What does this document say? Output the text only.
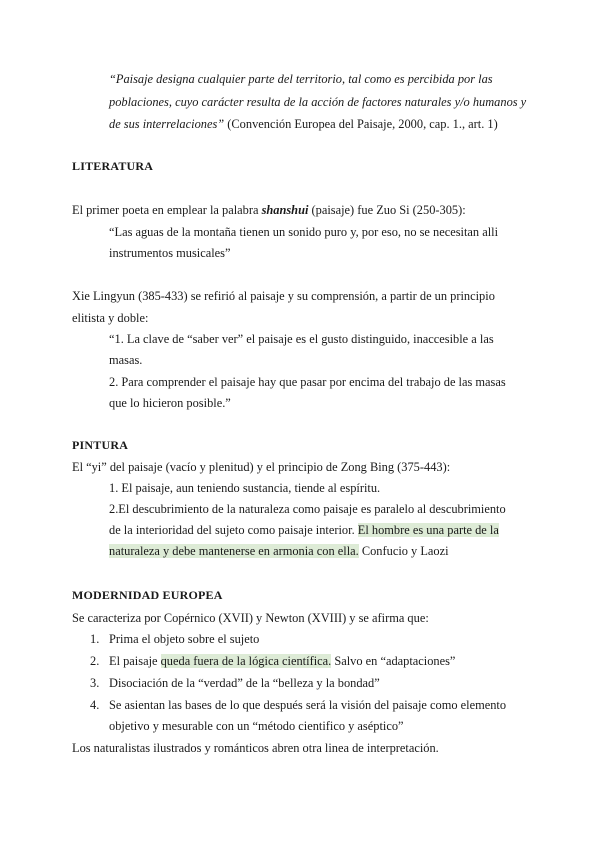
“Paisaje designa cualquier parte del territorio, tal como es percibida por las
poblaciones, cuyo carácter resulta de la acción de factores naturales y/o humanos y
de sus interrelaciones” (Convención Europea del Paisaje, 2000, cap. 1., art. 1)
LITERATURA
El primer poeta en emplear la palabra shanshui (paisaje) fue Zuo Si (250-305):
“Las aguas de la montaña tienen un sonido puro y, por eso, no se necesitan alli
instrumentos musicales”
Xie Lingyun (385-433) se refirió al paisaje y su comprensión, a partir de un principio
elitista y doble:
“1. La clave de “saber ver” el paisaje es el gusto distinguido, inaccesible a las
masas.
2. Para comprender el paisaje hay que pasar por encima del trabajo de las masas
que lo hicieron posible.”
PINTURA
El “yi” del paisaje (vacío y plenitud) y el principio de Zong Bing (375-443):
1. El paisaje, aun teniendo sustancia, tiende al espíritu.
2.El descubrimiento de la naturaleza como paisaje es paralelo al descubrimiento
de la interioridad del sujeto como paisaje interior. El hombre es una parte de la
naturaleza y debe mantenerse en armonia con ella. Confucio y Laozi
MODERNIDAD EUROPEA
Se caracteriza por Copérnico (XVII) y Newton (XVIII) y se afirma que:
1. Prima el objeto sobre el sujeto
2. El paisaje queda fuera de la lógica científica. Salvo en “adaptaciones”
3. Disociación de la “verdad” de la “belleza y la bondad”
4. Se asientan las bases de lo que después será la visión del paisaje como elemento
objetivo y mesurable con un “método cientifico y aséptico”
Los naturalistas ilustrados y románticos abren otra linea de interpretación.
